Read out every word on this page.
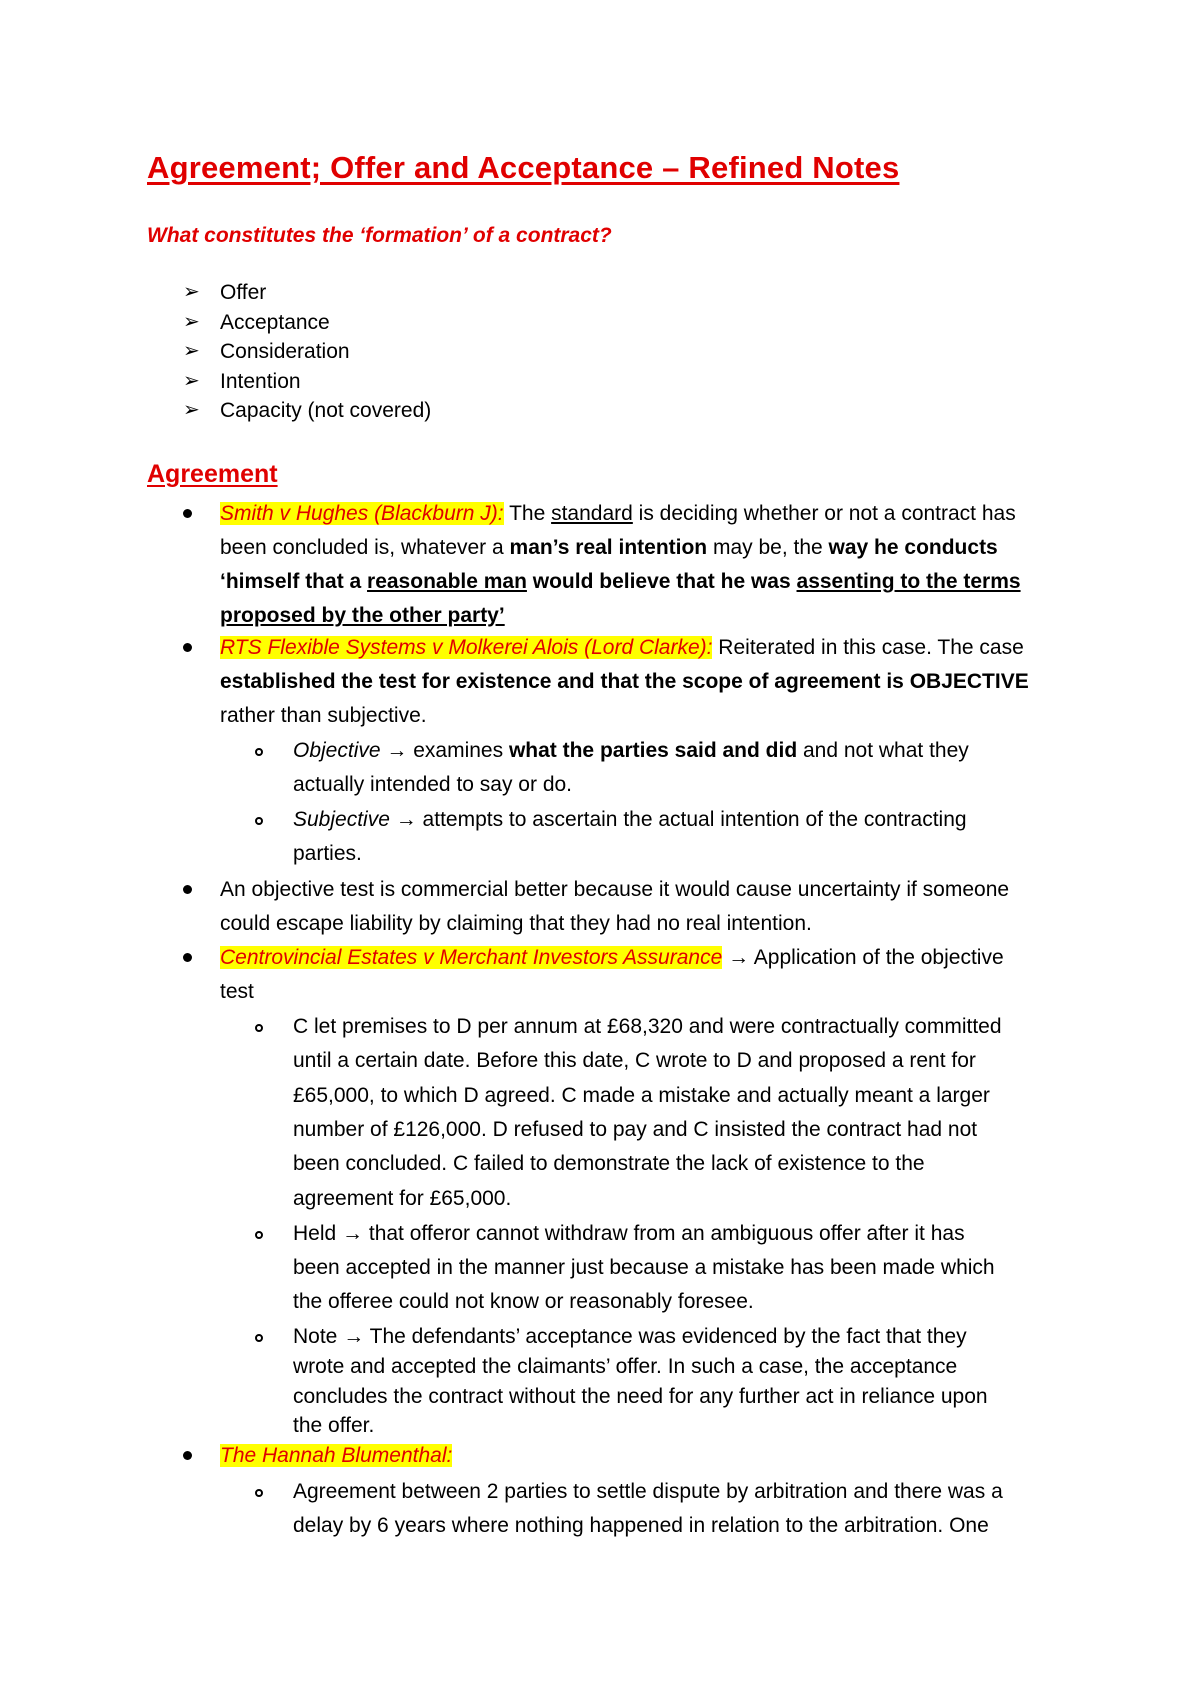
Agreement; Offer and Acceptance – Refined Notes
What constitutes the ‘formation’ of a contract?
➢ Offer
➢ Acceptance
➢ Consideration
➢ Intention
➢ Capacity (not covered)
Agreement
Smith v Hughes (Blackburn J): The standard is deciding whether or not a contract has
been concluded is, whatever a man’s real intention may be, the way he conducts
‘himself that a reasonable man would believe that he was assenting to the terms
proposed by the other party’
RTS Flexible Systems v Molkerei Alois (Lord Clarke): Reiterated in this case. The case
established the test for existence and that the scope of agreement is OBJECTIVE
rather than subjective.
Objective → examines what the parties said and did and not what they
actually intended to say or do.
Subjective → attempts to ascertain the actual intention of the contracting
parties.
An objective test is commercial better because it would cause uncertainty if someone
could escape liability by claiming that they had no real intention.
Centrovincial Estates v Merchant Investors Assurance → Application of the objective
test
C let premises to D per annum at £68,320 and were contractually committed
until a certain date. Before this date, C wrote to D and proposed a rent for
£65,000, to which D agreed. C made a mistake and actually meant a larger
number of £126,000. D refused to pay and C insisted the contract had not
been concluded. C failed to demonstrate the lack of existence to the
agreement for £65,000.
Held → that offeror cannot withdraw from an ambiguous offer after it has
been accepted in the manner just because a mistake has been made which
the offeree could not know or reasonably foresee.
Note → The defendants’ acceptance was evidenced by the fact that they
wrote and accepted the claimants’ offer. In such a case, the acceptance
concludes the contract without the need for any further act in reliance upon
the offer.
The Hannah Blumenthal:
Agreement between 2 parties to settle dispute by arbitration and there was a
delay by 6 years where nothing happened in relation to the arbitration. One
